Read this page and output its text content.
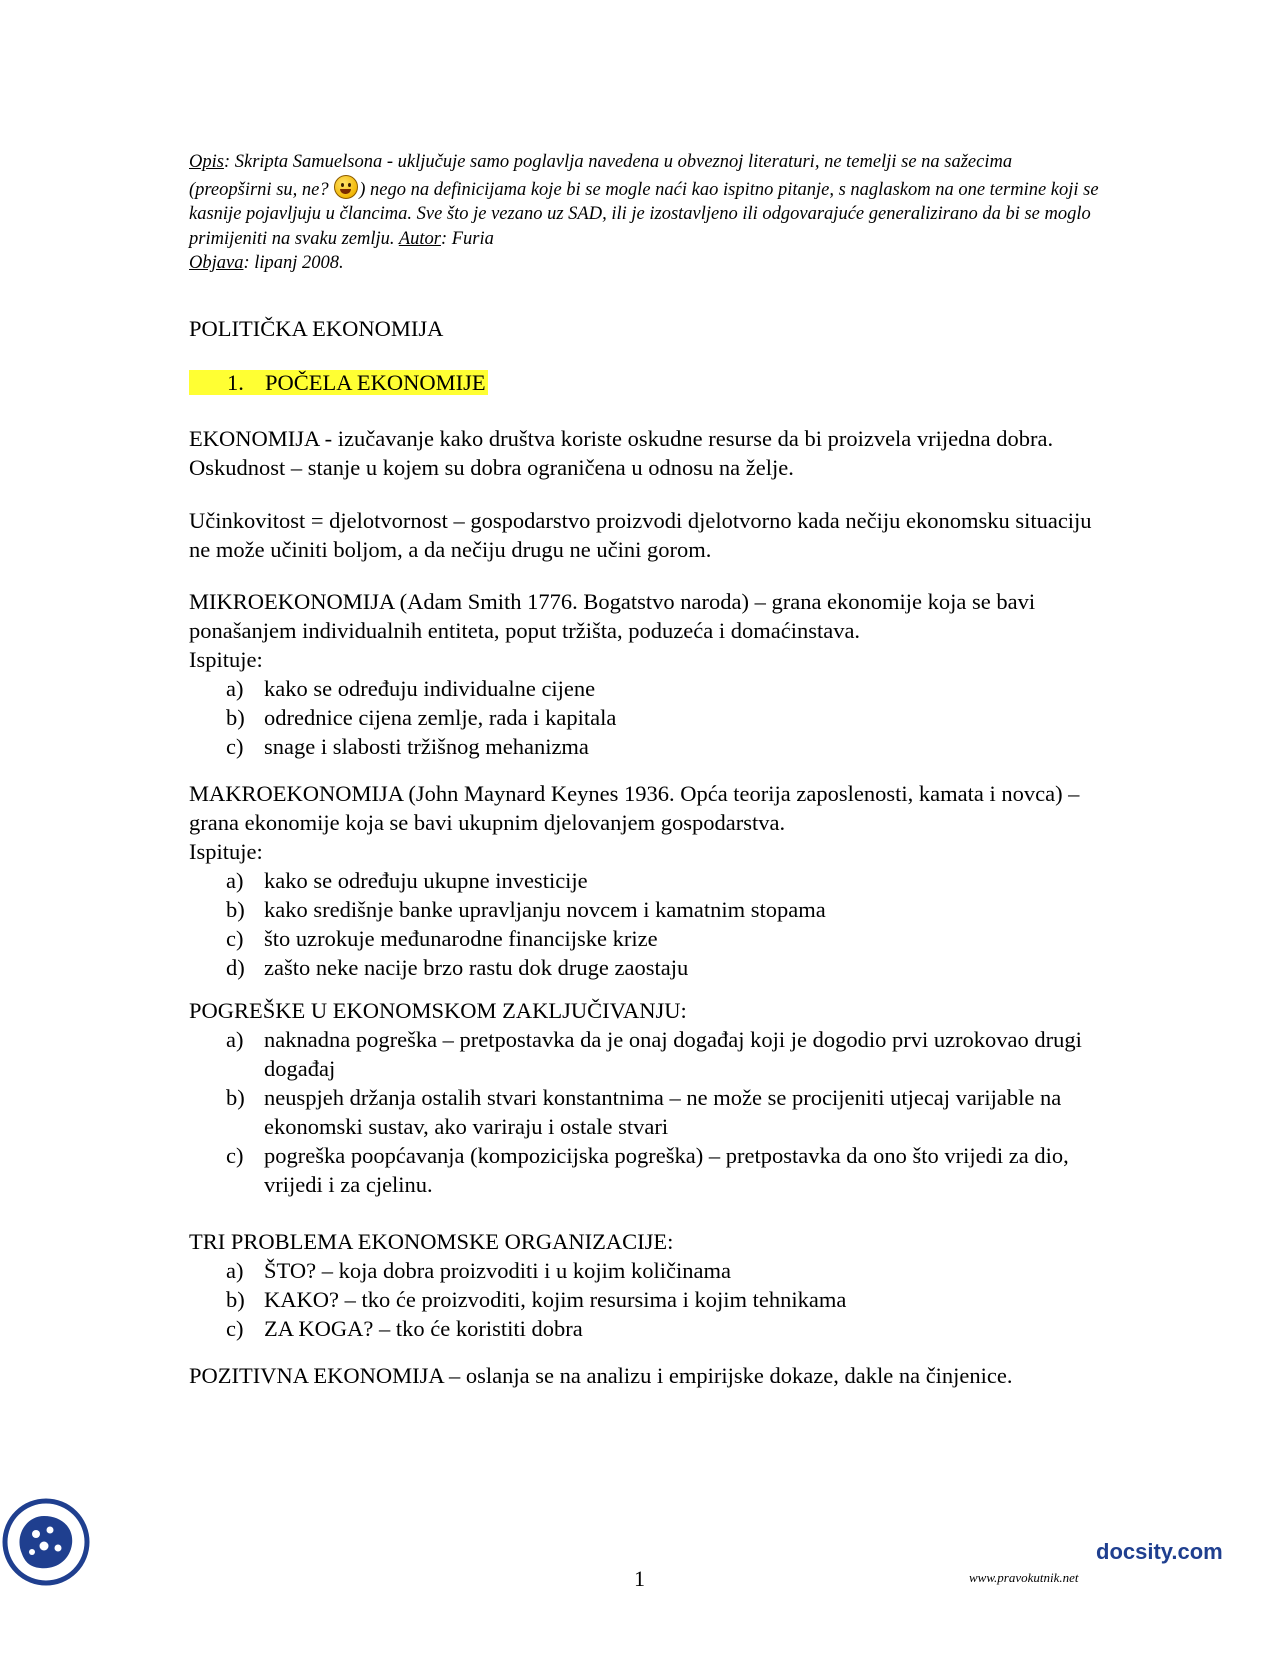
Opis: Skripta Samuelsona - uključuje samo poglavlja navedena u obveznoj literaturi, ne temelji se na sažecima (preopširni su, ne? ) nego na definicijama koje bi se mogle naći kao ispitno pitanje, s naglaskom na one termine koji se kasnije pojavljuju u člancima. Sve što je vezano uz SAD, ili je izostavljeno ili odgovarajuće generalizirano da bi se moglo primijeniti na svaku zemlju. Autor: Furia
Objava: lipanj 2008.

POLITIČKA EKONOMIJA
1. POČELA EKONOMIJE

EKONOMIJA - izučavanje kako društva koriste oskudne resurse da bi proizvela vrijedna dobra. Oskudnost – stanje u kojem su dobra ograničena u odnosu na želje.

Učinkovitost = djelotvornost – gospodarstvo proizvodi djelotvorno kada nečiju ekonomsku situaciju ne može učiniti boljom, a da nečiju drugu ne učini gorom.

MIKROEKONOMIJA (Adam Smith 1776. Bogatstvo naroda) – grana ekonomije koja se bavi ponašanjem individualnih entiteta, poput tržišta, poduzeća i domaćinstava.

Ispituje:

a) kako se određuju individualne cijene
b) odrednice cijena zemlje, rada i kapitala
c) snage i slabosti tržišnog mehanizma

MAKROEKONOMIJA (John Maynard Keynes 1936. Opća teorija zaposlenosti, kamata i novca) – grana ekonomije koja se bavi ukupnim djelovanjem gospodarstva.

Ispituje:

a) kako se određuju ukupne investicije
b) kako središnje banke upravljanju novcem i kamatnim stopama
c) što uzrokuje međunarodne financijske krize
d) zašto neke nacije brzo rastu dok druge zaostaju

POGREŠKE U EKONOMSKOM ZAKLJUČIVANJU:

a) naknadna pogreška – pretpostavka da je onaj događaj koji je dogodio prvi uzrokovao drugi događaj
b) neuspjeh držanja ostalih stvari konstantnima – ne može se procijeniti utjecaj varijable na ekonomski sustav, ako variraju i ostale stvari
c) pogreška poopćavanja (kompozicijska pogreška) – pretpostavka da ono što vrijedi za dio, vrijedi i za cjelinu.

TRI PROBLEMA EKONOMSKE ORGANIZACIJE:

a) ŠTO? – koja dobra proizvoditi i u kojim količinama
b) KAKO? – tko će proizvoditi, kojim resursima i kojim tehnikama
c) ZA KOGA? – tko će koristiti dobra

POZITIVNA EKONOMIJA – oslanja se na analizu i empirijske dokaze, dakle na činjenice.

docsity.com
1	www.pravokutnik.net
